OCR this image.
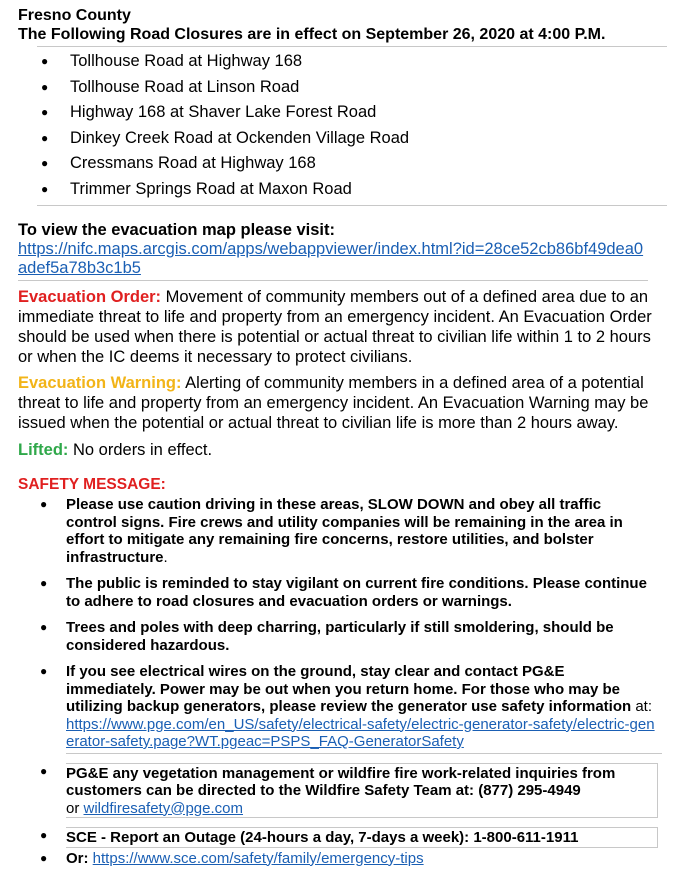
Fresno County
The Following Road Closures are in effect on September 26, 2020 at 4:00 P.M.
●	Tollhouse Road at Highway 168
●	Tollhouse Road at Linson Road
●	Highway 168 at Shaver Lake Forest Road
●	Dinkey Creek Road at Ockenden Village Road
●	Cressmans Road at Highway 168
●	Trimmer Springs Road at Maxon Road
To view the evacuation map please visit:
https://nifc.maps.arcgis.com/apps/webappviewer/index.html?id=28ce52cb86bf49dea0adef5a78b3c1b5
Evacuation Order: Movement of community members out of a defined area due to an immediate threat to life and property from an emergency incident. An Evacuation Order should be used when there is potential or actual threat to civilian life within 1 to 2 hours or when the IC deems it necessary to protect civilians.
Evacuation Warning: Alerting of community members in a defined area of a potential threat to life and property from an emergency incident. An Evacuation Warning may be issued when the potential or actual threat to civilian life is more than 2 hours away.
Lifted: No orders in effect.
SAFETY MESSAGE:
●	Please use caution driving in these areas, SLOW DOWN and obey all traffic control signs. Fire crews and utility companies will be remaining in the area in effort to mitigate any remaining fire concerns, restore utilities, and bolster infrastructure.
●	The public is reminded to stay vigilant on current fire conditions. Please continue to adhere to road closures and evacuation orders or warnings.
●	Trees and poles with deep charring, particularly if still smoldering, should be considered hazardous.
●	If you see electrical wires on the ground, stay clear and contact PG&E immediately. Power may be out when you return home. For those who may be utilizing backup generators, please review the generator use safety information at: https://www.pge.com/en_US/safety/electrical-safety/electric-generator-safety/electric-generator-safety.page?WT.pgeac=PSPS_FAQ-GeneratorSafety
●	PG&E any vegetation management or wildfire fire work-related inquiries from customers can be directed to the Wildfire Safety Team at: (877) 295-4949
or wildfiresafety@pge.com
●	SCE - Report an Outage (24-hours a day, 7-days a week): 1-800-611-1911
●	Or: https://www.sce.com/safety/family/emergency-tips
